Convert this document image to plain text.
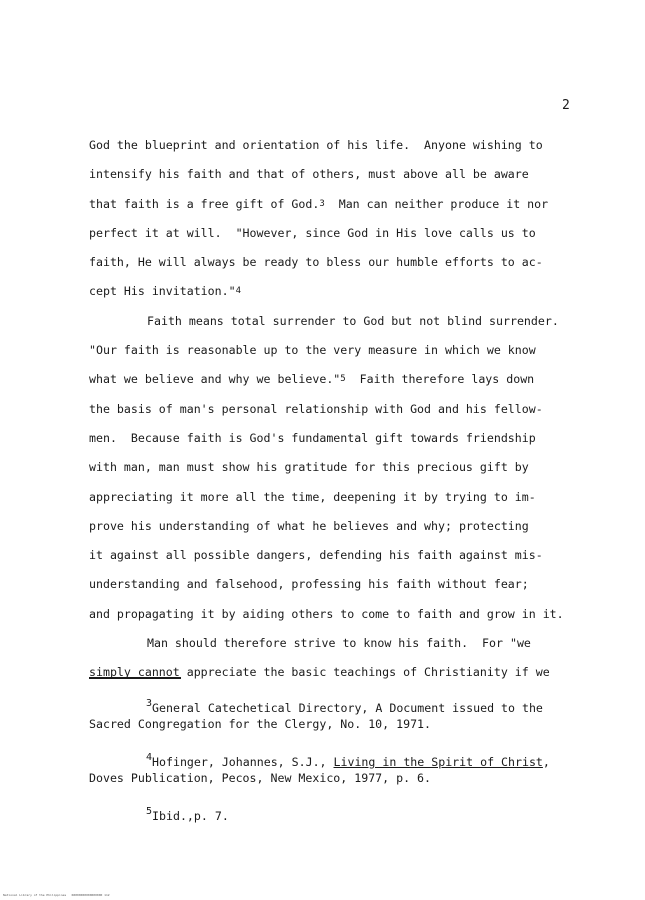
2
God the blueprint and orientation of his life.  Anyone wishing to
intensify his faith and that of others, must above all be aware
that faith is a free gift of God.$^3$  Man can neither produce it nor
perfect it at will.  "However, since God in His love calls us to
faith, He will always be ready to bless our humble efforts to ac-
cept His invitation."$^4$
Faith means total surrender to God but not blind surrender.
"Our faith is reasonable up to the very measure in which we know
what we believe and why we believe."$^5$  Faith therefore lays down
the basis of man's personal relationship with God and his fellow-
men.  Because faith is God's fundamental gift towards friendship
with man, man must show his gratitude for this precious gift by
appreciating it more all the time, deepening it by trying to im-
prove his understanding of what he believes and why; protecting
it against all possible dangers, defending his faith against mis-
understanding and falsehood, professing his faith without fear;
and propagating it by aiding others to come to faith and grow in it.
Man should therefore strive to know his faith.  For "we
simply cannot appreciate the basic teachings of Christianity if we
3General Catechetical Directory, A Document issued to the
Sacred Congregation for the Clergy, No. 10, 1971.
4Hofinger, Johannes, S.J., Living in the Spirit of Christ,
Doves Publication, Pecos, New Mexico, 1977, p. 6.
5Ibid.,p. 7.
National Library of the Philippines   R0000000000000000 112
